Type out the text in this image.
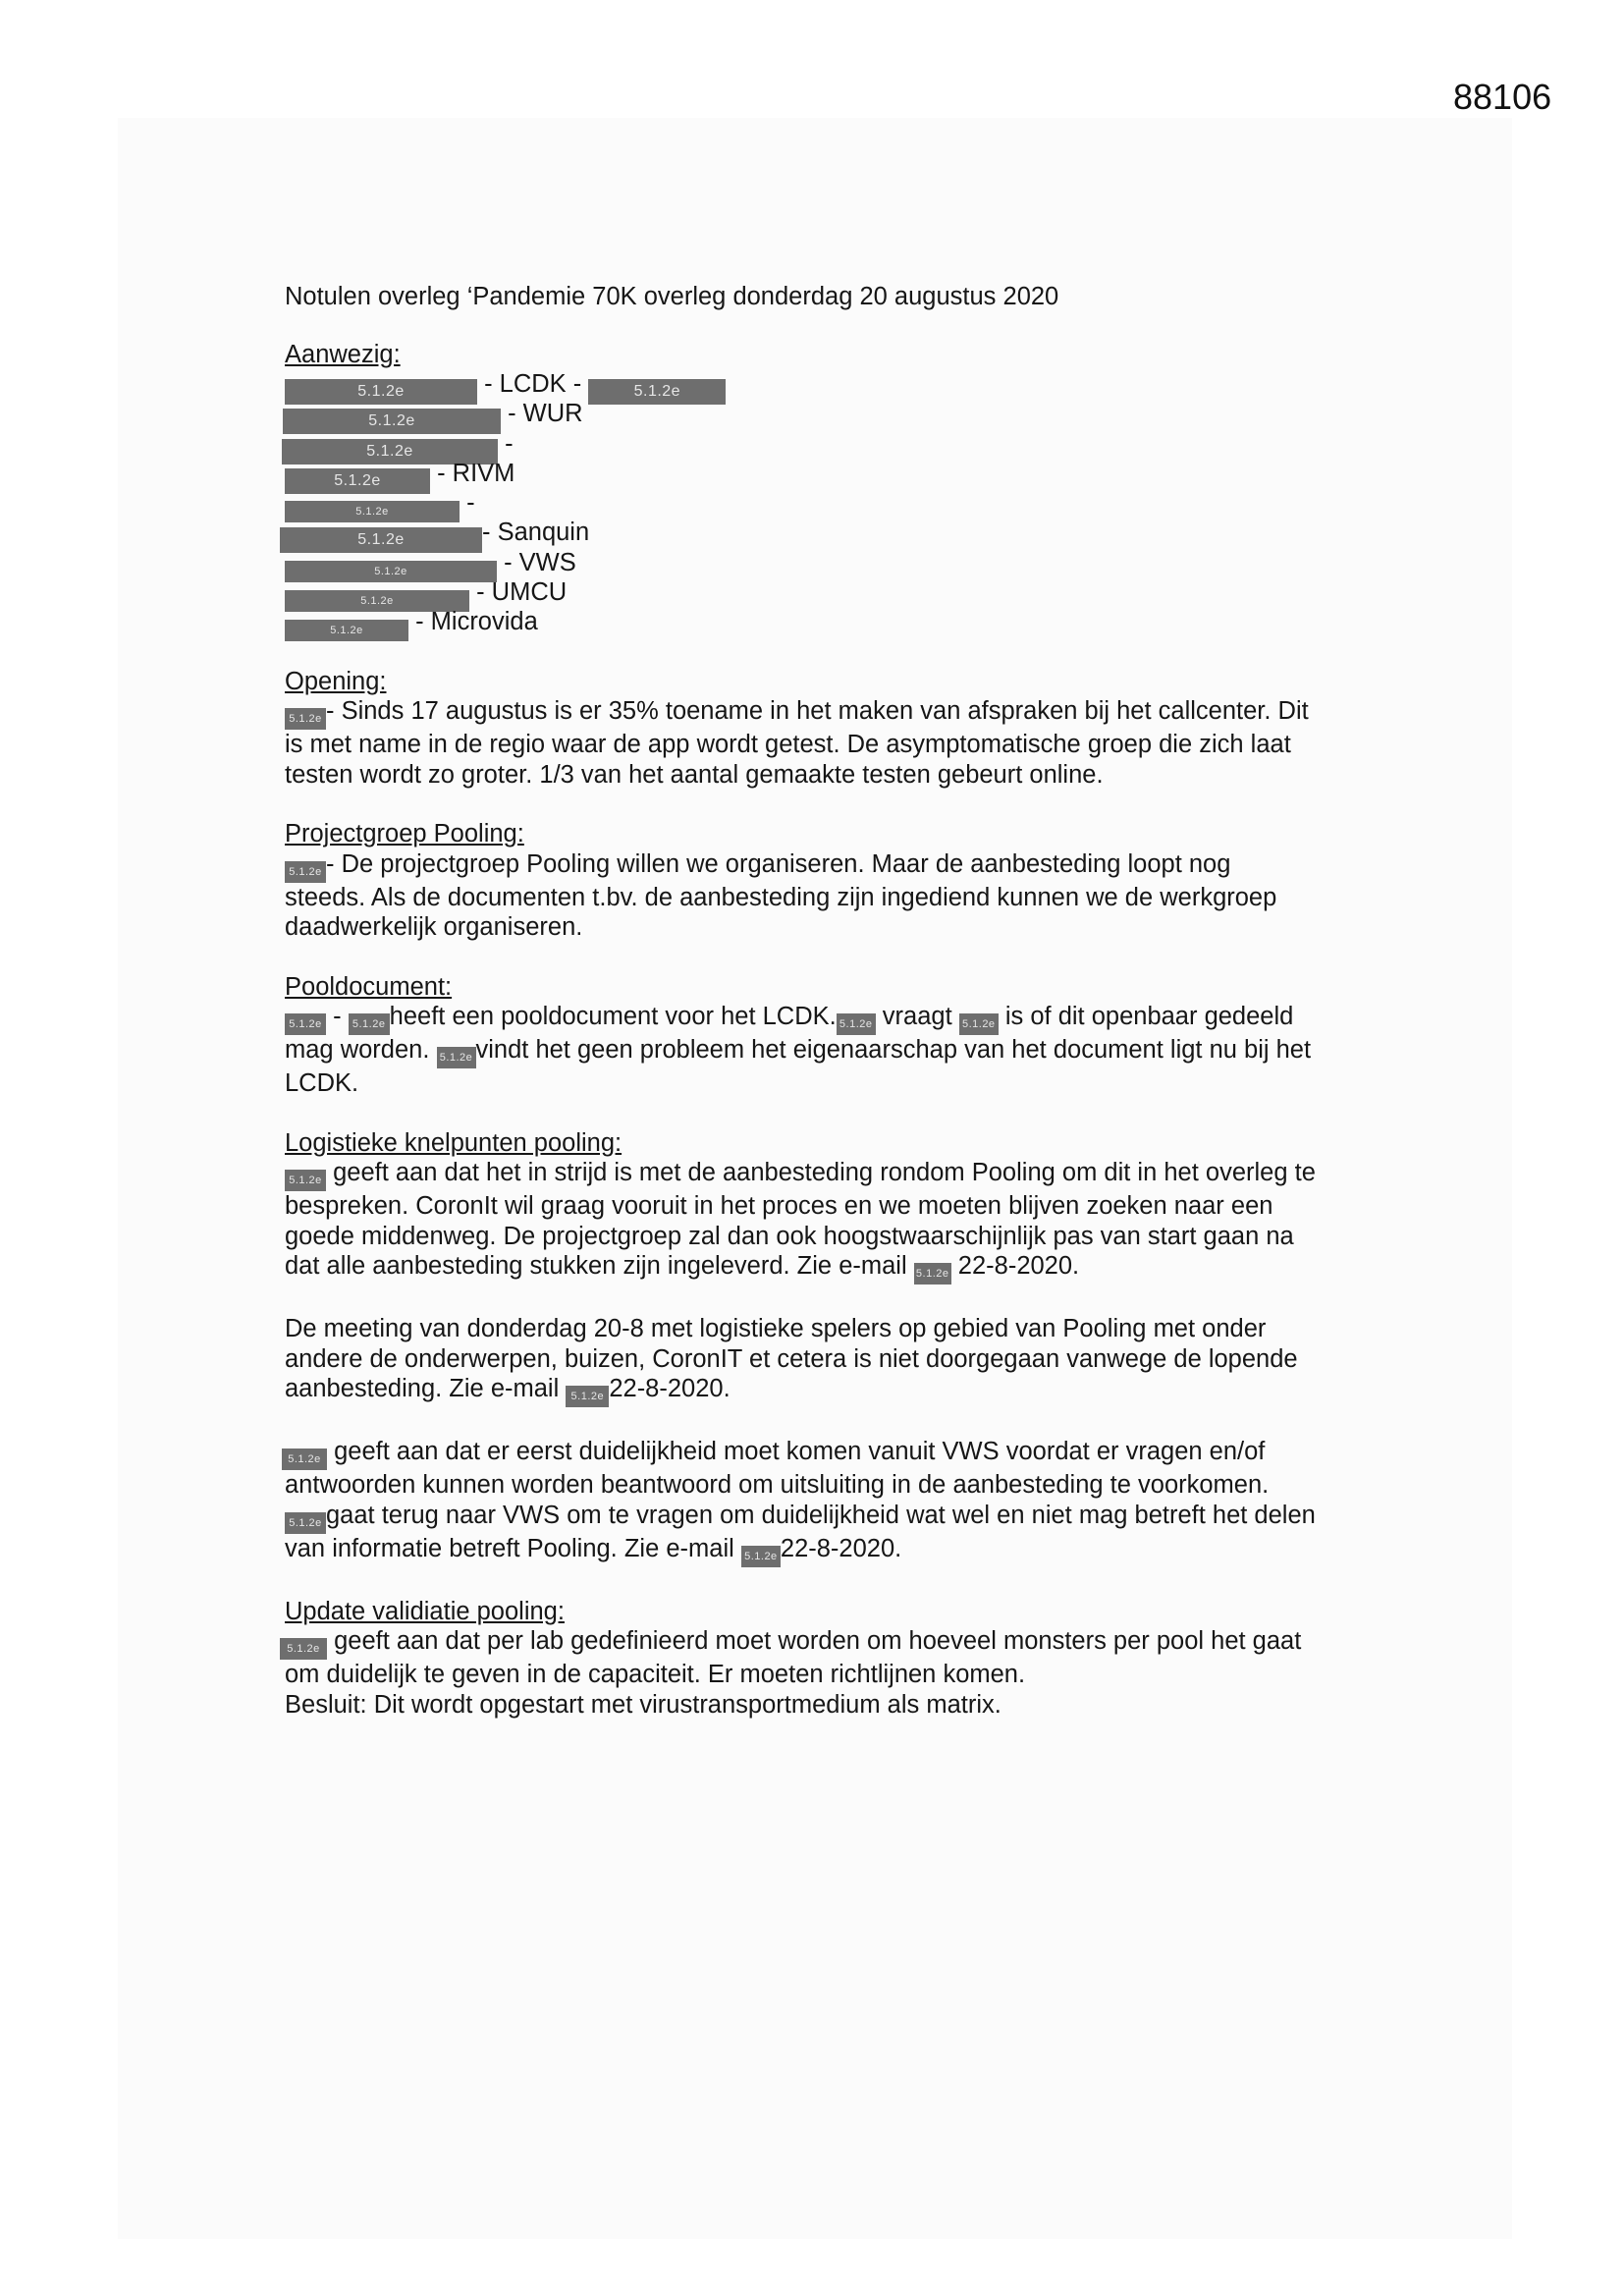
88106

Notulen overleg ‘Pandemie 70K overleg donderdag 20 augustus 2020

Aanwezig:

5.1.2e	- LCDK -	5.1.2e
5.1.2e	- WUR
5.1.2e	-
5.1.2e - RIVM
5.1.2e	-
5.1.2e	- Sanquin
5.1.2e	- VWS
5.1.2e	- UMCU
5.1.2e - Microvida

Opening:

5.1.2e - Sinds 17 augustus is er 35% toename in het maken van afspraken bij het callcenter. Dit
is met name in de regio waar de app wordt getest. De asymptomatische groep die zich laat
testen wordt zo groter. 1/3 van het aantal gemaakte testen gebeurt online.

Projectgroep Pooling:

5.1.2e - De projectgroep Pooling willen we organiseren. Maar de aanbesteding loopt nog
steeds. Als de documenten t.bv. de aanbesteding zijn ingediend kunnen we de werkgroep
daadwerkelijk organiseren.

Pooldocument:

5.1.2e - 5.1.2e heeft een pooldocument voor het LCDK. 5.1.2e vraagt 5.1.2e is of dit openbaar gedeeld
mag worden. 5.1.2e vindt het geen probleem het eigenaarschap van het document ligt nu bij het
LCDK.

Logistieke knelpunten pooling:

5.1.2e geeft aan dat het in strijd is met de aanbesteding rondom Pooling om dit in het overleg te
bespreken. CoronIt wil graag vooruit in het proces en we moeten blijven zoeken naar een
goede middenweg. De projectgroep zal dan ook hoogstwaarschijnlijk pas van start gaan na
dat alle aanbesteding stukken zijn ingeleverd. Zie e-mail 5.1.2e 22-8-2020.

De meeting van donderdag 20-8 met logistieke spelers op gebied van Pooling met onder
andere de onderwerpen, buizen, CoronIT et cetera is niet doorgegaan vanwege de lopende
aanbesteding. Zie e-mail 5.1.2e 22-8-2020.

5.1.2e geeft aan dat er eerst duidelijkheid moet komen vanuit VWS voordat er vragen en/of
antwoorden kunnen worden beantwoord om uitsluiting in de aanbesteding te voorkomen.
5.1.2e gaat terug naar VWS om te vragen om duidelijkheid wat wel en niet mag betreft het delen
van informatie betreft Pooling. Zie e-mail 5.1.2e 22-8-2020.

Update validiatie pooling:

5.1.2e geeft aan dat per lab gedefinieerd moet worden om hoeveel monsters per pool het gaat
om duidelijk te geven in de capaciteit. Er moeten richtlijnen komen.
Besluit: Dit wordt opgestart met virustransportmedium als matrix.
